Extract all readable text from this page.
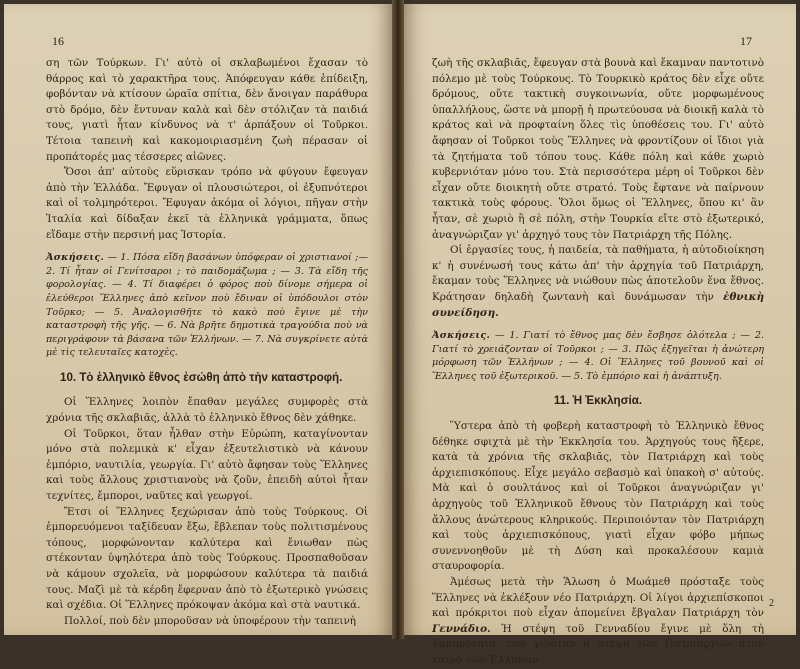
16

ση τῶν Τούρκων. Γι' αὐτὸ οἱ σκλαβωμένοι ἔχασαν τὸ θάρρος καὶ τὸ χαρακτῆρα τους. Ἀπόφευγαν κάθε ἐπίδειξη, φοβόνταν νὰ κτίσουν ὡραῖα σπίτια, δὲν ἄνοιγαν παράθυρα στὸ δρόμο, δὲν ἔντυναν καλὰ καὶ δὲν στόλιζαν τὰ παιδιά τους, γιατὶ ἦταν κίνδυνος νὰ τ' ἁρπάξουν οἱ Τοῦρκοι. Τέτοια ταπεινὴ καὶ κακομοιριασμένη ζωὴ πέρασαν οἱ προπάτορές μας τέσσερες αἰῶνες.

Ὅσοι ἀπ' αὐτοὺς εὕρισκαν τρόπο νὰ φύγουν ἔφευγαν ἀπὸ τὴν Ἑλλάδα. Ἔφυγαν οἱ πλουσιώτεροι, οἱ ἐξυπνότεροι καὶ οἱ τολμηρότεροι. Ἔφυγαν ἀκόμα οἱ λόγιοι, πῆγαν στὴν Ἰταλία καὶ δίδαξαν ἐκεῖ τὰ ἑλληνικὰ γράμματα, ὅπως εἴδαμε στὴν περσινή μας Ἱστορία.

Ἀσκήσεις. — 1. Πόσα εἴδη βασάνων ὑπόφεραν οἱ χριστιανοί ;— 2. Τί ἦταν οἱ Γενίτσαροι ; τὸ παιδομάζωμα ; — 3. Τὰ εἴδη τῆς φορολογίας. — 4. Τί διαφέρει ὁ φόρος ποὺ δίνομε σήμερα οἱ ἐλεύθεροι Ἕλληνες ἀπὸ κεῖνον ποὺ ἔδιναν οἱ ὑπόδουλοι στὸν Τοῦρκο; — 5. Ἀναλογισθῆτε τὸ κακὸ ποὺ ἔγινε μὲ τὴν καταστροφὴ τῆς γῆς. — 6. Νὰ βρῆτε δημοτικὰ τραγούδια ποὺ νὰ περιγράφουν τὰ βάσανα τῶν Ἑλλήνων. — 7. Νὰ συγκρίνετε αὐτὰ μὲ τὶς τελευταῖες κατοχὲς.
10. Τὸ ἑλληνικὸ ἔθνος ἐσώθη ἀπὸ τὴν καταστροφή.

Οἱ Ἕλληνες λοιπὸν ἔπαθαν μεγάλες συμφορὲς στὰ χρόνια τῆς σκλαβιᾶς, ἀλλὰ τὸ ἑλληνικὸ ἔθνος δὲν χάθηκε.

Οἱ Τοῦρκοι, ὅταν ἦλθαν στὴν Εὐρώπη, καταγίνονταν μόνο στὰ πολεμικὰ κ' εἶχαν ἐξευτελιστικὸ νὰ κάνουν ἐμπόριο, ναυτιλία, γεωργία. Γι' αὐτὸ ἄφησαν τοὺς Ἕλληνες καὶ τοὺς ἄλλους χριστιανοὺς νὰ ζοῦν, ἐπειδὴ αὐτοὶ ἦταν τεχνίτες, ἔμποροι, ναῦτες καὶ γεωργοί.

Ἔτσι οἱ Ἕλληνες ξεχώρισαν ἀπὸ τοὺς Τούρκους. Οἱ ἐμπορευόμενοι ταξίδευαν ἔξω, ἔβλεπαν τοὺς πολιτισμένους τόπους, μορφώνονταν καλύτερα καὶ ἔνιωθαν πὼς στέκονταν ὑψηλότερα ἀπὸ τοὺς Τούρκους. Προσπαθοῦσαν νὰ κάμουν σχολεῖα, νὰ μορφώσουν καλύτερα τὰ παιδιά τους. Μαζὶ μὲ τὰ κέρδη ἔφερναν ἀπὸ τὸ ἐξωτερικὸ γνώσεις καὶ σχέδια. Οἱ Ἕλληνες πρόκοψαν ἀκόμα καὶ στὰ ναυτικά.

Πολλοί, ποὺ δὲν μποροῦσαν νὰ ὑποφέρουν τὴν ταπεινὴ

17

ζωὴ τῆς σκλαβιᾶς, ἔφευγαν στὰ βουνὰ καὶ ἔκαμναν παντοτινὸ πόλεμο μὲ τοὺς Τούρκους. Τὸ Τουρκικὸ κράτος δὲν εἶχε οὔτε δρόμους, οὔτε τακτικὴ συγκοινωνία, οὔτε μορφωμένους ὑπαλλήλους, ὥστε νὰ μπορῇ ἡ πρωτεύουσα νὰ διοικῇ καλὰ τὸ κράτος καὶ νὰ προφταίνη ὅλες τὶς ὑποθέσεις του. Γι' αὐτὸ ἄφησαν οἱ Τοῦρκοι τοὺς Ἕλληνες νὰ φροντίζουν οἱ ἴδιοι γιὰ τὰ ζητήματα τοῦ τόπου τους. Κάθε πόλη καὶ κάθε χωριὸ κυβερνιόταν μόνο του. Στὰ περισσότερα μέρη οἱ Τοῦρκοι δὲν εἶχαν οὔτε διοικητὴ οὔτε στρατό. Τοὺς ἔφτανε νὰ παίρνουν τακτικὰ τοὺς φόρους. Ὅλοι ὅμως οἱ Ἕλληνες, ὅπου κι' ἂν ἦταν, σὲ χωριὸ ἢ σὲ πόλη, στὴν Τουρκία εἴτε στὸ ἐξωτερικό, ἀναγνώριζαν γι' ἀρχηγό τους τὸν Πατριάρχη τῆς Πόλης.

Οἱ ἐργασίες τους, ἡ παιδεία, τὰ παθήματα, ἡ αὐτοδιοίκηση κ' ἡ συνένωσή τους κάτω ἀπ' τὴν ἀρχηγία τοῦ Πατριάρχη, ἔκαμαν τοὺς Ἕλληνες νὰ νιώθουν πὼς ἀποτελοῦν ἕνα ἔθνος. Κράτησαν δηλαδὴ ζωντανὴ καὶ δυνάμωσαν τὴν ἐθνικὴ συνείδηση.

Ἀσκήσεις. — 1. Γιατί τὸ ἔθνος μας δὲν ἔσβησε ὁλότελα ; — 2. Γιατί τὸ χρειάζονταν οἱ Τοῦρκοι ; — 3. Πῶς ἐξηγεῖται ἡ ἀνώτερη μόρφωση τῶν Ἑλλήνων ; — 4. Οἱ Ἕλληνες τοῦ βουνοῦ καὶ οἱ Ἕλληνες τοῦ ἐξωτερικοῦ. — 5. Τὸ ἐμπόριο καὶ ἡ ἀνάπτυξη.
11. Ἡ Ἐκκλησία.

Ὕστερα ἀπὸ τὴ φοβερὴ καταστροφὴ τὸ Ἑλληνικὸ ἔθνος δέθηκε σφιχτὰ μὲ τὴν Ἐκκλησία του. Ἀρχηγούς τους ἤξερε, κατὰ τὰ χρόνια τῆς σκλαβιᾶς, τὸν Πατριάρχη καὶ τοὺς ἀρχιεπισκόπους. Εἶχε μεγάλο σεβασμὸ καὶ ὑπακοὴ σ' αὐτούς. Μὰ καὶ ὁ σουλτάνος καὶ οἱ Τοῦρκοι ἀναγνώριζαν γι' ἀρχηγοὺς τοῦ Ἑλληνικοῦ ἔθνους τὸν Πατριάρχη καὶ τοὺς ἄλλους ἀνώτερους κληρικούς. Περιποιόνταν τὸν Πατριάρχη καὶ τοὺς ἀρχιεπισκόπους, γιατὶ εἶχαν φόβο μήπως συνεννοηθοῦν μὲ τὴ Δύση καὶ προκαλέσουν καμιὰ σταυροφορία.

Ἀμέσως μετὰ τὴν Ἅλωση ὁ Μωάμεθ πρόσταξε τοὺς Ἕλληνες νὰ ἐκλέξουν νέο Πατριάρχη. Οἱ λίγοι ἀρχιεπίσκοποι καὶ πρόκριτοι ποὺ εἶχαν ἀπομείνει ἔβγαλαν Πατριάρχη τὸν Γεννάδιο. Ἡ στέψη τοῦ Γενναδίου ἔγινε μὲ ὅλη τὴ λαμπρότητα, ποὺ γινόταν ἡ στέψη τῶν Πατριαρχῶν στὸν καιρὸ τῶν Ἑλλήνων

2
